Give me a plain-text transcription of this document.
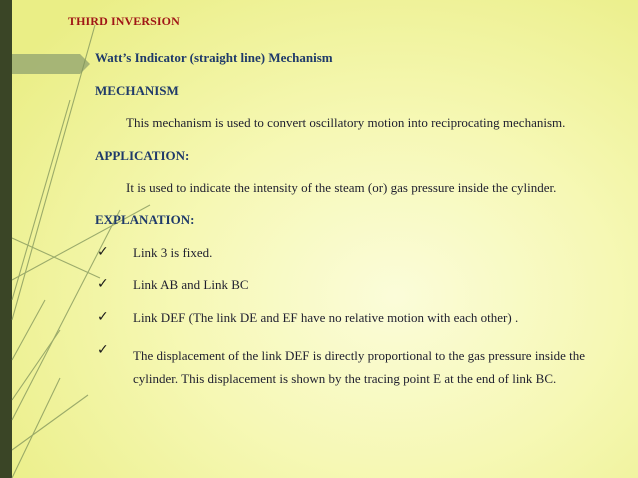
THIRD INVERSION
Watt’s Indicator (straight line) Mechanism
MECHANISM
This mechanism is used to convert oscillatory motion into reciprocating mechanism.
APPLICATION:
It is used to indicate the intensity of the steam (or) gas pressure inside the cylinder.
EXPLANATION:
✓ Link 3 is fixed.
✓ Link AB and Link BC
✓ Link DEF (The link DE and EF have no relative motion with each other) .
✓ The displacement of the link DEF is directly proportional to the gas pressure inside the cylinder. This displacement is shown by the tracing point E at the end of link BC.
